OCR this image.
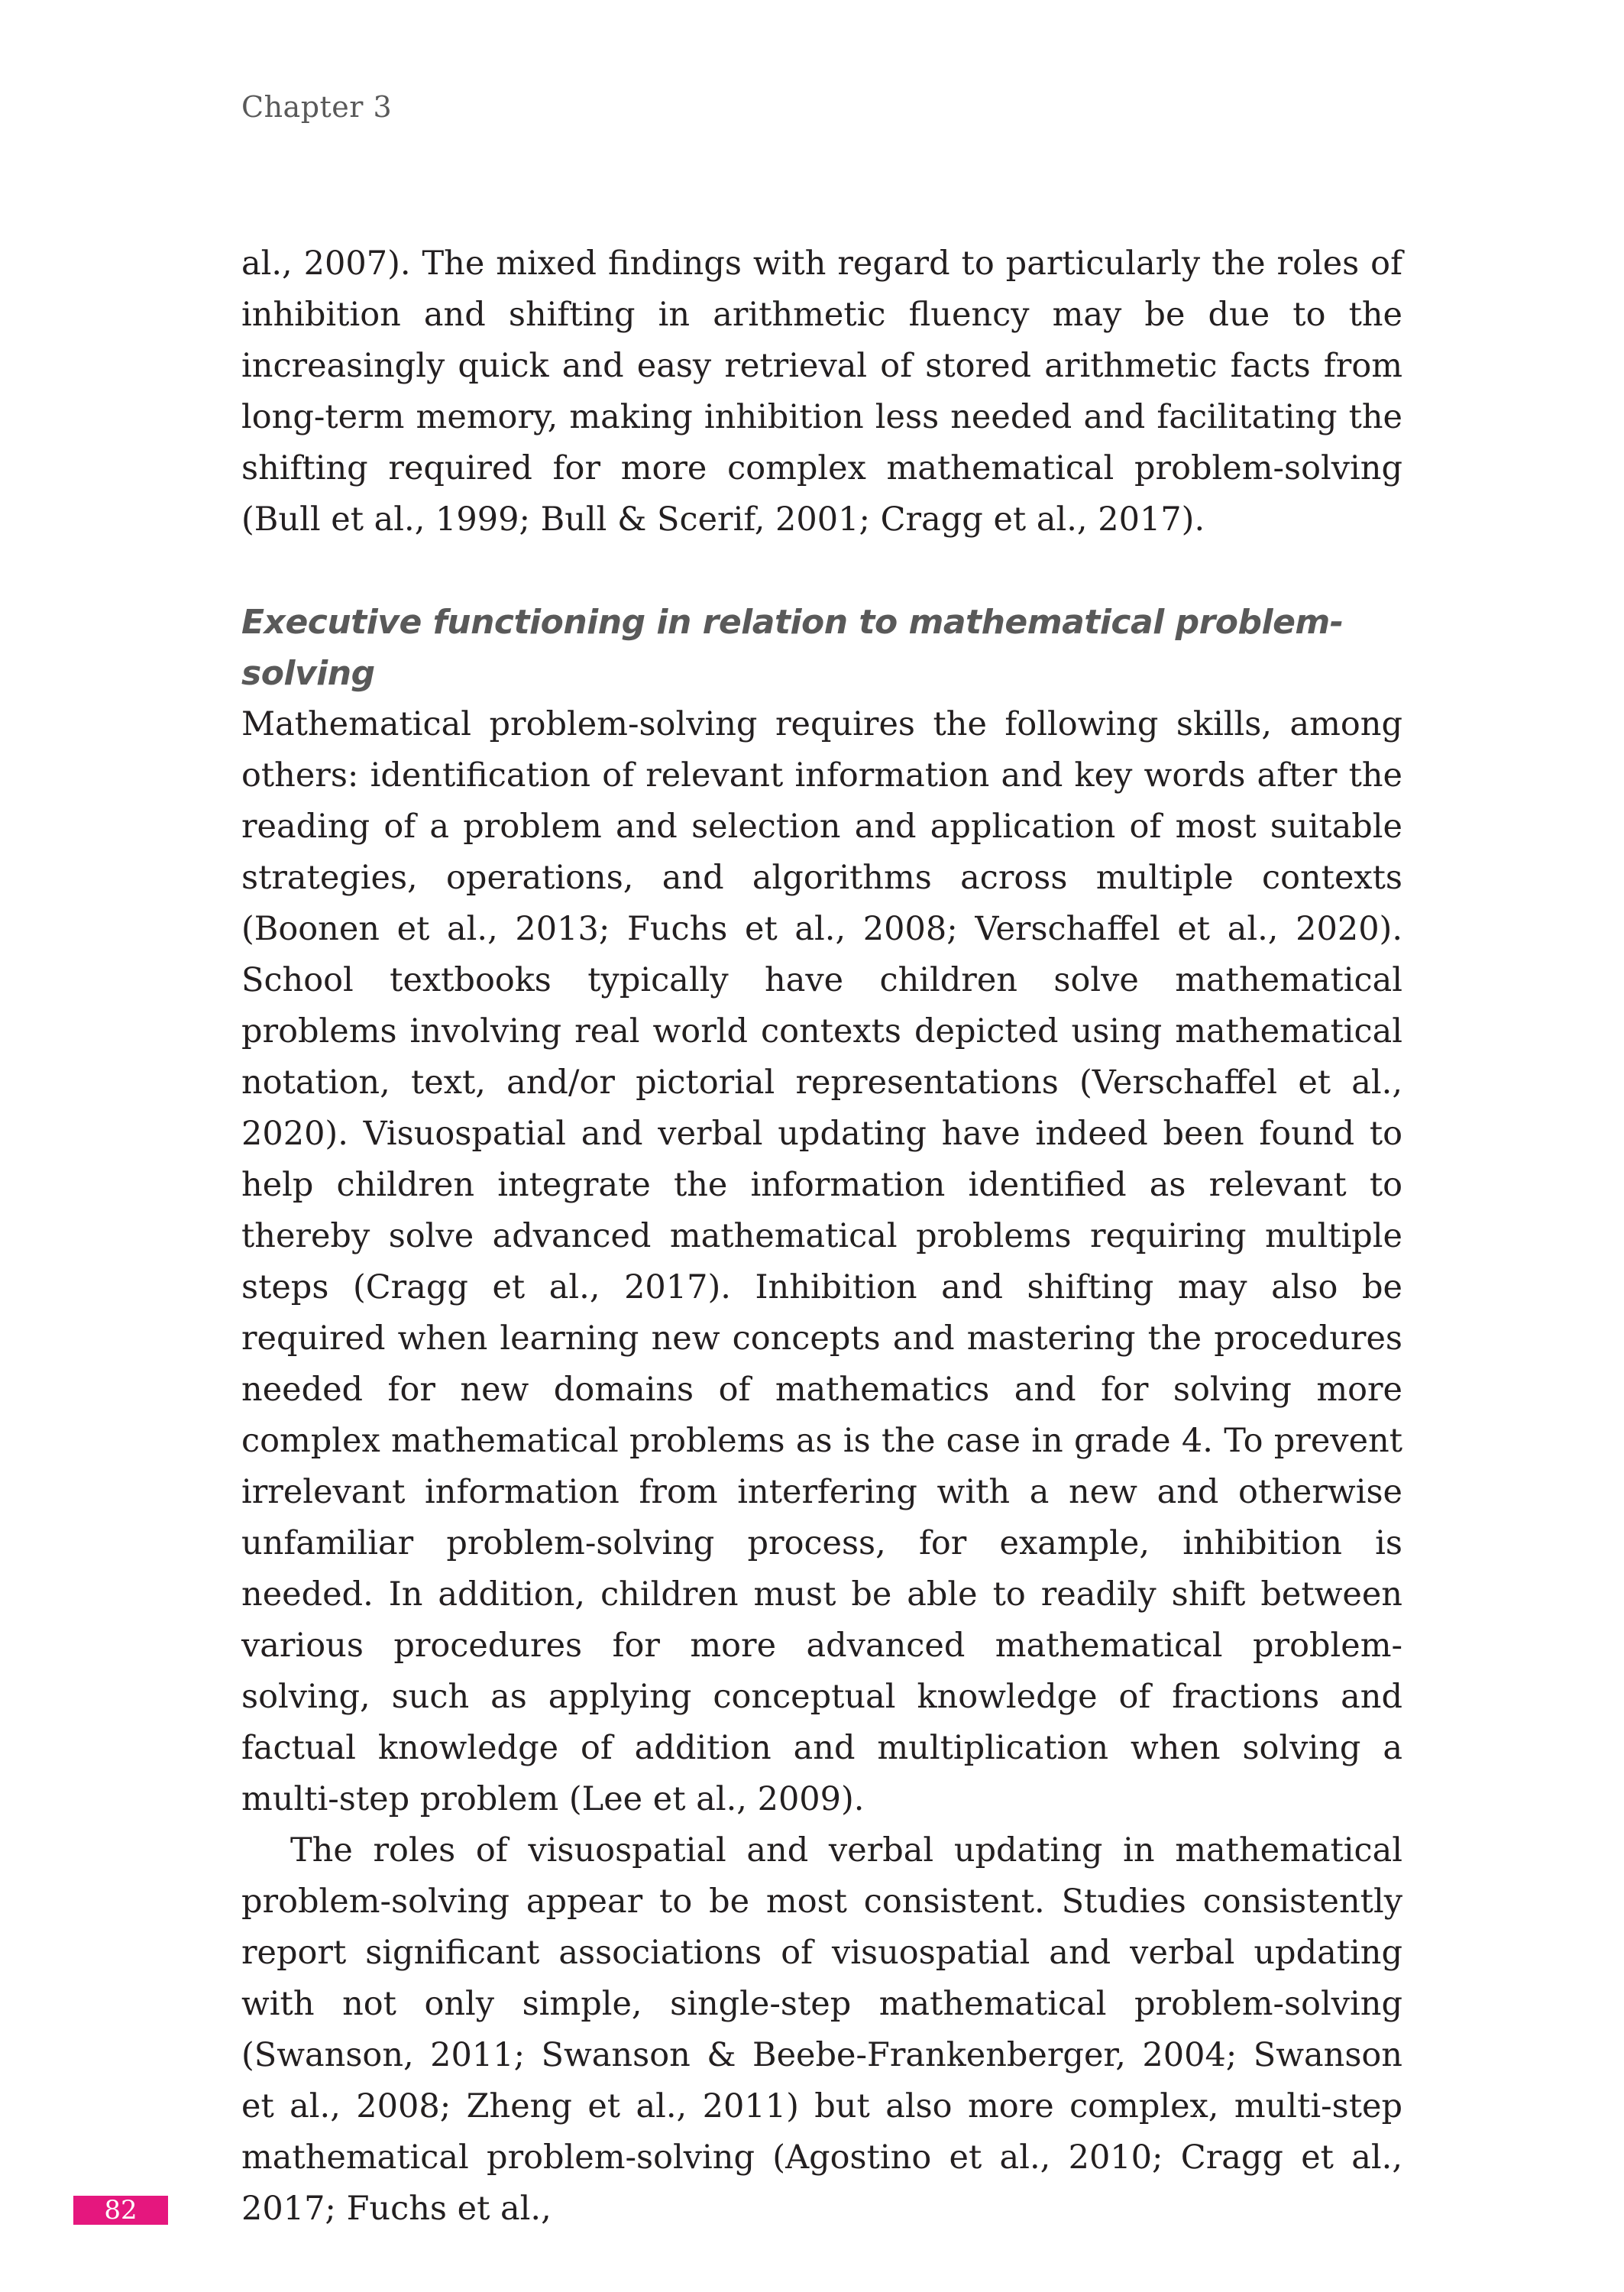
Chapter 3

al., 2007). The mixed findings with regard to particularly the roles of inhibition and shifting in arithmetic fluency may be due to the increasingly quick and easy retrieval of stored arithmetic facts from long-term memory, making inhibition less needed and facilitating the shifting required for more complex mathematical problem-solving (Bull et al., 1999; Bull & Scerif, 2001; Cragg et al., 2017).

Executive functioning in relation to mathematical problem-solving

Mathematical problem-solving requires the following skills, among others: identification of relevant information and key words after the reading of a problem and selection and application of most suitable strategies, operations, and algorithms across multiple contexts (Boonen et al., 2013; Fuchs et al., 2008; Verschaffel et al., 2020). School textbooks typically have children solve mathematical problems involving real world contexts depicted using mathematical notation, text, and/or pictorial representations (Verschaffel et al., 2020). Visuospatial and verbal updating have indeed been found to help children integrate the information identified as relevant to thereby solve advanced mathematical problems requiring multiple steps (Cragg et al., 2017). Inhibition and shifting may also be required when learning new concepts and mastering the procedures needed for new domains of mathematics and for solving more complex mathematical problems as is the case in grade 4. To prevent irrelevant information from interfering with a new and otherwise unfamiliar problem-solving process, for example, inhibition is needed. In addition, children must be able to readily shift between various procedures for more advanced mathematical problem-solving, such as applying conceptual knowledge of fractions and factual knowledge of addition and multiplication when solving a multi-step problem (Lee et al., 2009).

The roles of visuospatial and verbal updating in mathematical problem-solving appear to be most consistent. Studies consistently report significant associations of visuospatial and verbal updating with not only simple, single-step mathematical problem-solving (Swanson, 2011; Swanson & Beebe-Frankenberger, 2004; Swanson et al., 2008; Zheng et al., 2011) but also more complex, multi-step mathematical problem-solving (Agostino et al., 2010; Cragg et al., 2017; Fuchs et al.,

82
